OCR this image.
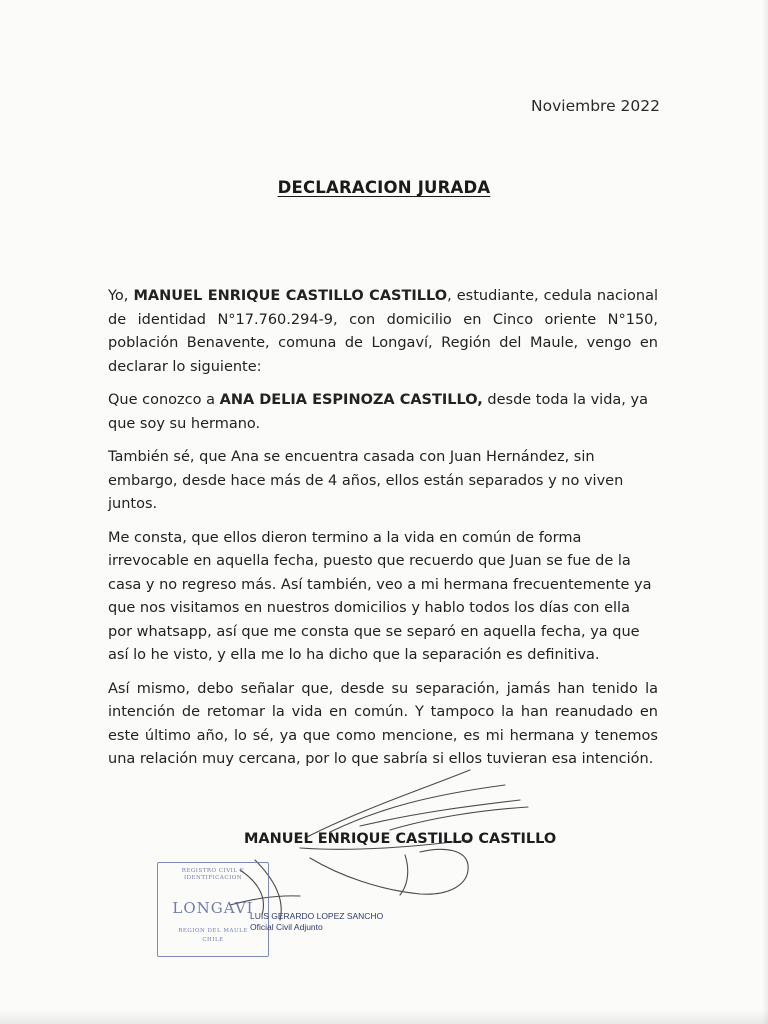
Noviembre 2022
DECLARACION JURADA

Yo, MANUEL ENRIQUE CASTILLO CASTILLO, estudiante, cedula nacional de identidad N°17.760.294-9, con domicilio en Cinco oriente N°150, población Benavente, comuna de Longaví, Región del Maule, vengo en declarar lo siguiente:

Que conozco a ANA DELIA ESPINOZA CASTILLO, desde toda la vida, ya que soy su hermano.

También sé, que Ana se encuentra casada con Juan Hernández, sin embargo, desde hace más de 4 años, ellos están separados y no viven juntos.

Me consta, que ellos dieron termino a la vida en común de forma irrevocable en aquella fecha, puesto que recuerdo que Juan se fue de la casa y no regreso más. Así también, veo a mi hermana frecuentemente ya que nos visitamos en nuestros domicilios y hablo todos los días con ella por whatsapp, así que me consta que se separó en aquella fecha, ya que así lo he visto, y ella me lo ha dicho que la separación es definitiva.

Así mismo, debo señalar que, desde su separación, jamás han tenido la intención de retomar la vida en común. Y tampoco la han reanudado en este último año, lo sé, ya que como mencione, es mi hermana y tenemos una relación muy cercana, por lo que sabría si ellos tuvieran esa intención.

MANUEL ENRIQUE CASTILLO CASTILLO
REGISTRO CIVIL E IDENTIFICACION
LONGAVI
REGION DEL MAULE
CHILE
LUIS GERARDO LOPEZ SANCHO
Oficial Civil Adjunto
